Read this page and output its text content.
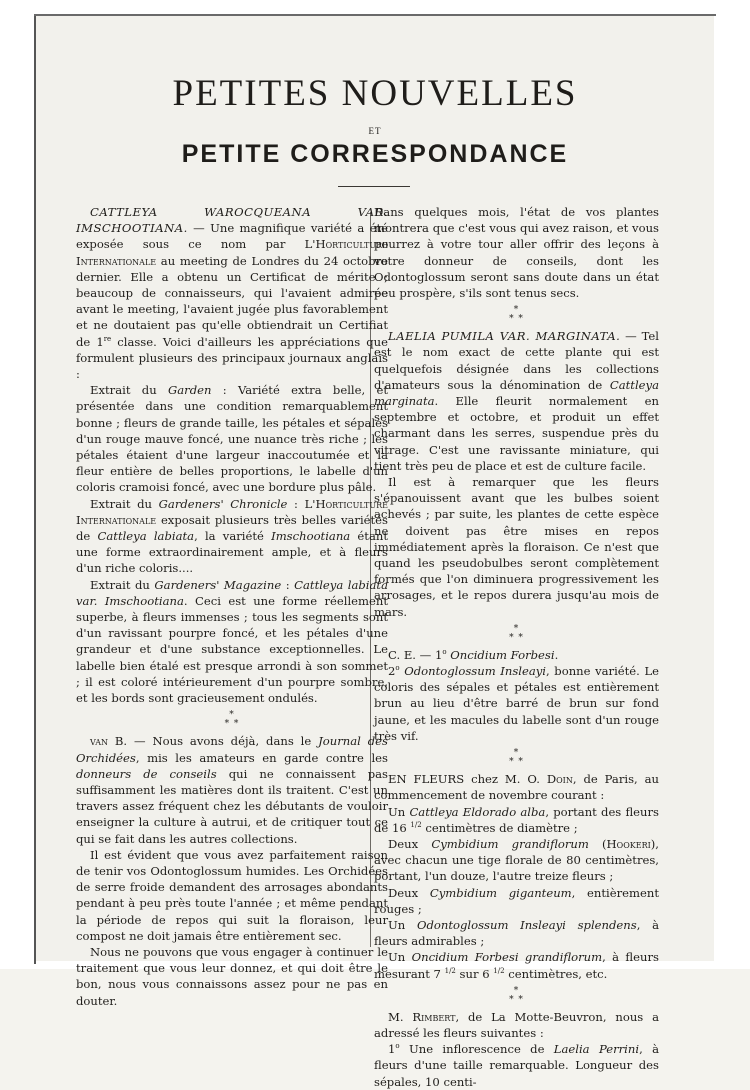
PETITES NOUVELLES
ET
PETITE CORRESPONDANCE

CATTLEYA WAROCQUEANA VAR. IMSCHOOTIANA. — Une magnifique variété a été exposée sous ce nom par L'Horticulture Internationale au meeting de Londres du 24 octobre dernier. Elle a obtenu un Certificat de mérite ; beaucoup de connaisseurs, qui l'avaient admirée avant le meeting, l'avaient jugée plus favorablement et ne doutaient pas qu'elle obtiendrait un Certifiat de 1re classe. Voici d'ailleurs les appréciations que formulent plusieurs des principaux journaux anglais :

Extrait du Garden : Variété extra belle, et présentée dans une condition remarquablement bonne ; fleurs de grande taille, les pétales et sépales d'un rouge mauve foncé, une nuance très riche ; les pétales étaient d'une largeur inaccoutumée et la fleur entière de belles proportions, le labelle d'un coloris cramoisi foncé, avec une bordure plus pâle.

Extrait du Gardeners' Chronicle : L'Horticulture Internationale exposait plusieurs très belles variétés de Cattleya labiata, la variété Imschootiana étant une forme extraordinairement ample, et à fleurs d'un riche coloris....

Extrait du Gardeners' Magazine : Cattleya labiata var. Imschootiana. Ceci est une forme réellement superbe, à fleurs immenses ; tous les segments sont d'un ravissant pourpre foncé, et les pétales d'une grandeur et d'une substance exceptionnelles. Le labelle bien étalé est presque arrondi à son sommet ; il est coloré intérieurement d'un pourpre sombre, et les bords sont gracieusement ondulés.

*
* *

van B. — Nous avons déjà, dans le Journal des Orchidées, mis les amateurs en garde contre les donneurs de conseils qui ne connaissent pas suffisamment les matières dont ils traitent. C'est un travers assez fréquent chez les débutants de vouloir enseigner la culture à autrui, et de critiquer tout ce qui se fait dans les autres collections.

Il est évident que vous avez parfaitement raison de tenir vos Odontoglossum humides. Les Orchidées de serre froide demandent des arrosages abondants pendant à peu près toute l'année ; et même pendant la période de repos qui suit la floraison, leur compost ne doit jamais être entièrement sec.

Nous ne pouvons que vous engager à continuer le traitement que vous leur donnez, et qui doit être le bon, nous vous connaissons assez pour ne pas en douter.

Dans quelques mois, l'état de vos plantes montrera que c'est vous qui avez raison, et vous pourrez à votre tour aller offrir des leçons à votre donneur de conseils, dont les Odontoglossum seront sans doute dans un état peu prospère, s'ils sont tenus secs.

*
* *

LAELIA PUMILA VAR. MARGINATA. — Tel est le nom exact de cette plante qui est quelquefois désignée dans les collections d'amateurs sous la dénomination de Cattleya marginata. Elle fleurit normalement en septembre et octobre, et produit un effet charmant dans les serres, suspendue près du vitrage. C'est une ravissante miniature, qui tient très peu de place et est de culture facile.

Il est à remarquer que les fleurs s'épanouissent avant que les bulbes soient achevés ; par suite, les plantes de cette espèce ne doivent pas être mises en repos immédiatement après la floraison. Ce n'est que quand les pseudobulbes seront complètement formés que l'on diminuera progressivement les arrosages, et le repos durera jusqu'au mois de mars.

*
* *

C. E. — 1$^o$ Oncidium Forbesi.

2$^o$ Odontoglossum Insleayi, bonne variété. Le coloris des sépales et pétales est entièrement brun au lieu d'être barré de brun sur fond jaune, et les macules du labelle sont d'un rouge très vif.

*
* *

EN FLEURS chez M. O. Doin, de Paris, au commencement de novembre courant :

Un Cattleya Eldorado alba, portant des fleurs de 16 $^{1/2}$ centimètres de diamètre ;

Deux Cymbidium grandiflorum (Hookeri), avec chacun une tige florale de 80 centimètres, portant, l'un douze, l'autre treize fleurs ;

Deux Cymbidium giganteum, entièrement rouges ;

Un Odontoglossum Insleayi splendens, à fleurs admirables ;

Un Oncidium Forbesi grandiflorum, à fleurs mesurant 7 $^{1/2}$ sur 6 $^{1/2}$ centimètres, etc.

*
* *

M. Rimbert, de La Motte-Beuvron, nous a adressé les fleurs suivantes :

1$^o$ Une inflorescence de Laelia Perrini, à fleurs d'une taille remarquable. Longueur des sépales, 10 centi-
